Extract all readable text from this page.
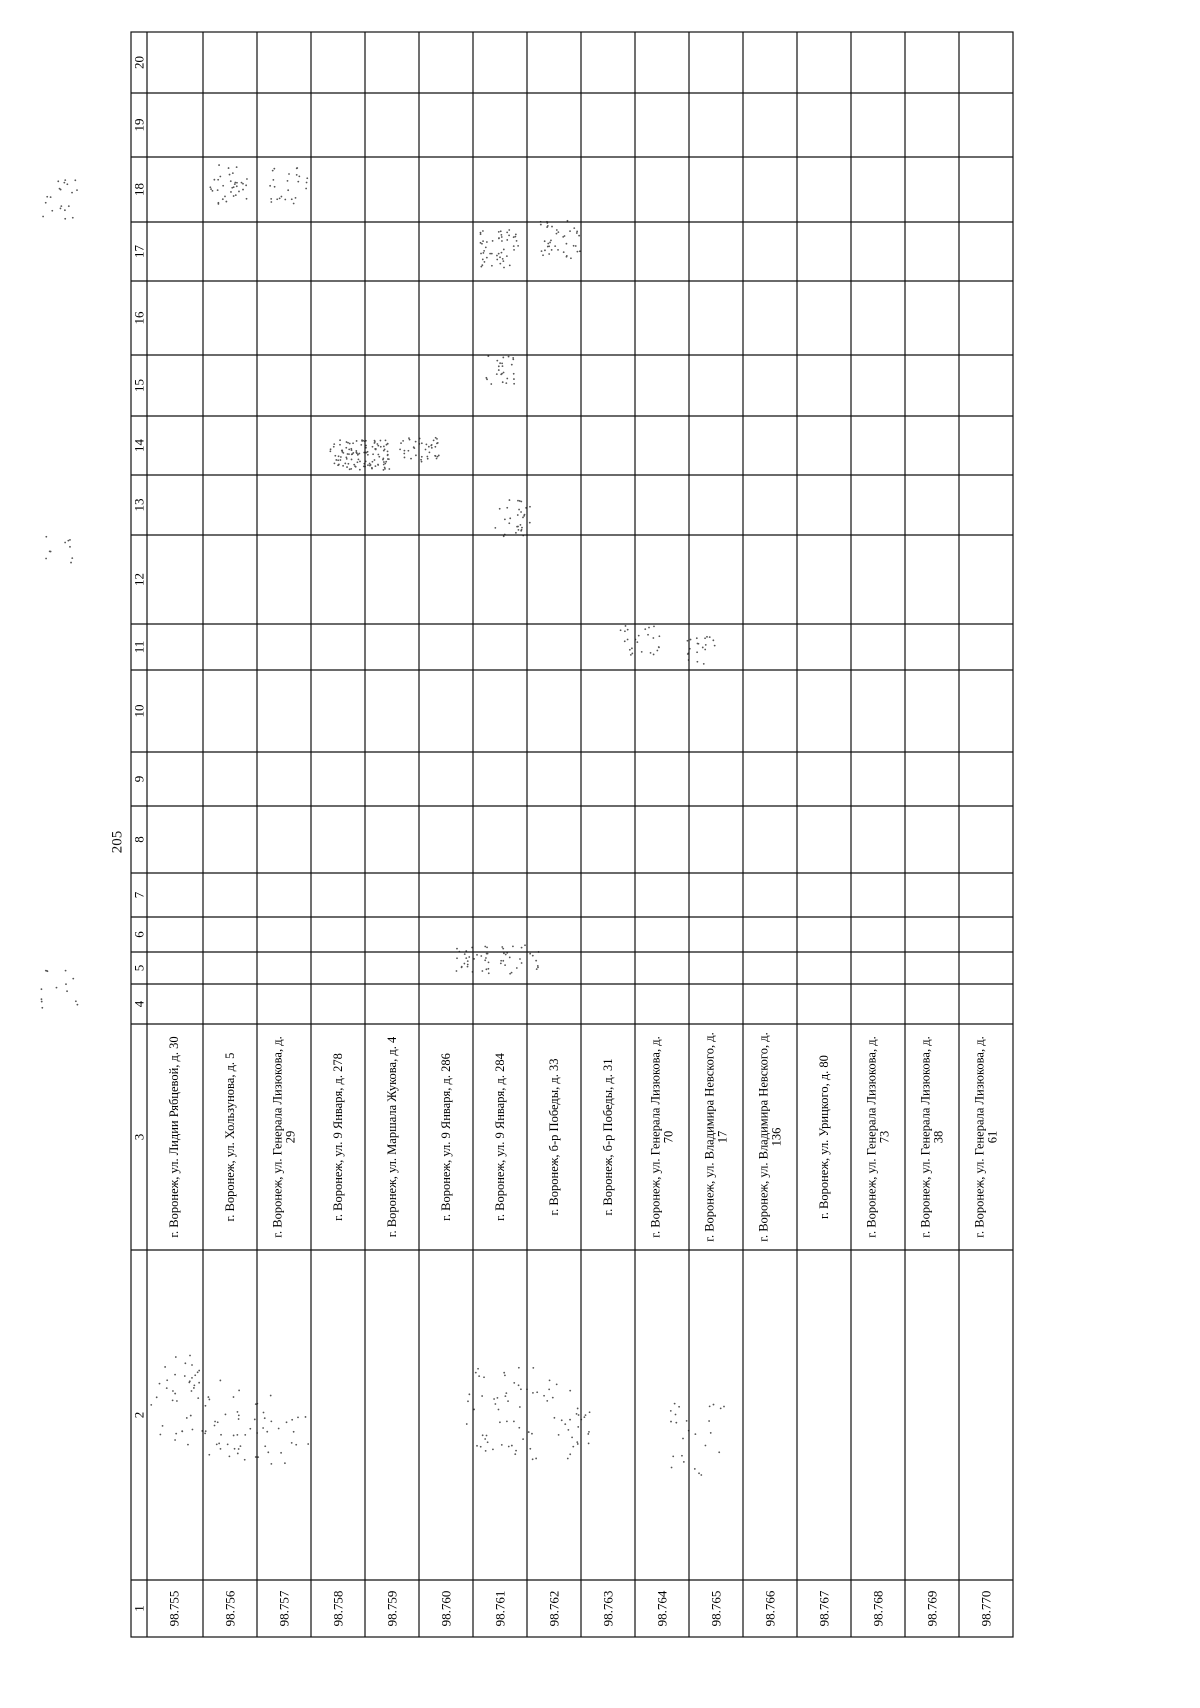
205
1
2
3
4
5
6
7
8
9
10
11
12
13
14
15
16
17
18
19
20
98.755
г. Воронеж, ул. Лидии Рябцевой, д. 30
98.756
г. Воронеж, ул. Хользунова, д. 5
98.757
г. Воронеж, ул. Генерала Лизюкова, д. 29
98.758
г. Воронеж, ул. 9 Января, д. 278
98.759
г. Воронеж, ул. Маршала Жукова, д. 4
98.760
г. Воронеж, ул. 9 Января, д. 286
98.761
г. Воронеж, ул. 9 Января, д. 284
98.762
г. Воронеж, б-р Победы, д. 33
98.763
г. Воронеж, б-р Победы, д. 31
98.764
г. Воронеж, ул. Генерала Лизюкова, д. 70
98.765
г. Воронеж, ул. Владимира Невского, д. 17
98.766
г. Воронеж, ул. Владимира Невского, д. 136
98.767
г. Воронеж, ул. Урицкого, д. 80
98.768
г. Воронеж, ул. Генерала Лизюкова, д. 73
98.769
г. Воронеж, ул. Генерала Лизюкова, д. 38
98.770
г. Воронеж, ул. Генерала Лизюкова, д. 61
